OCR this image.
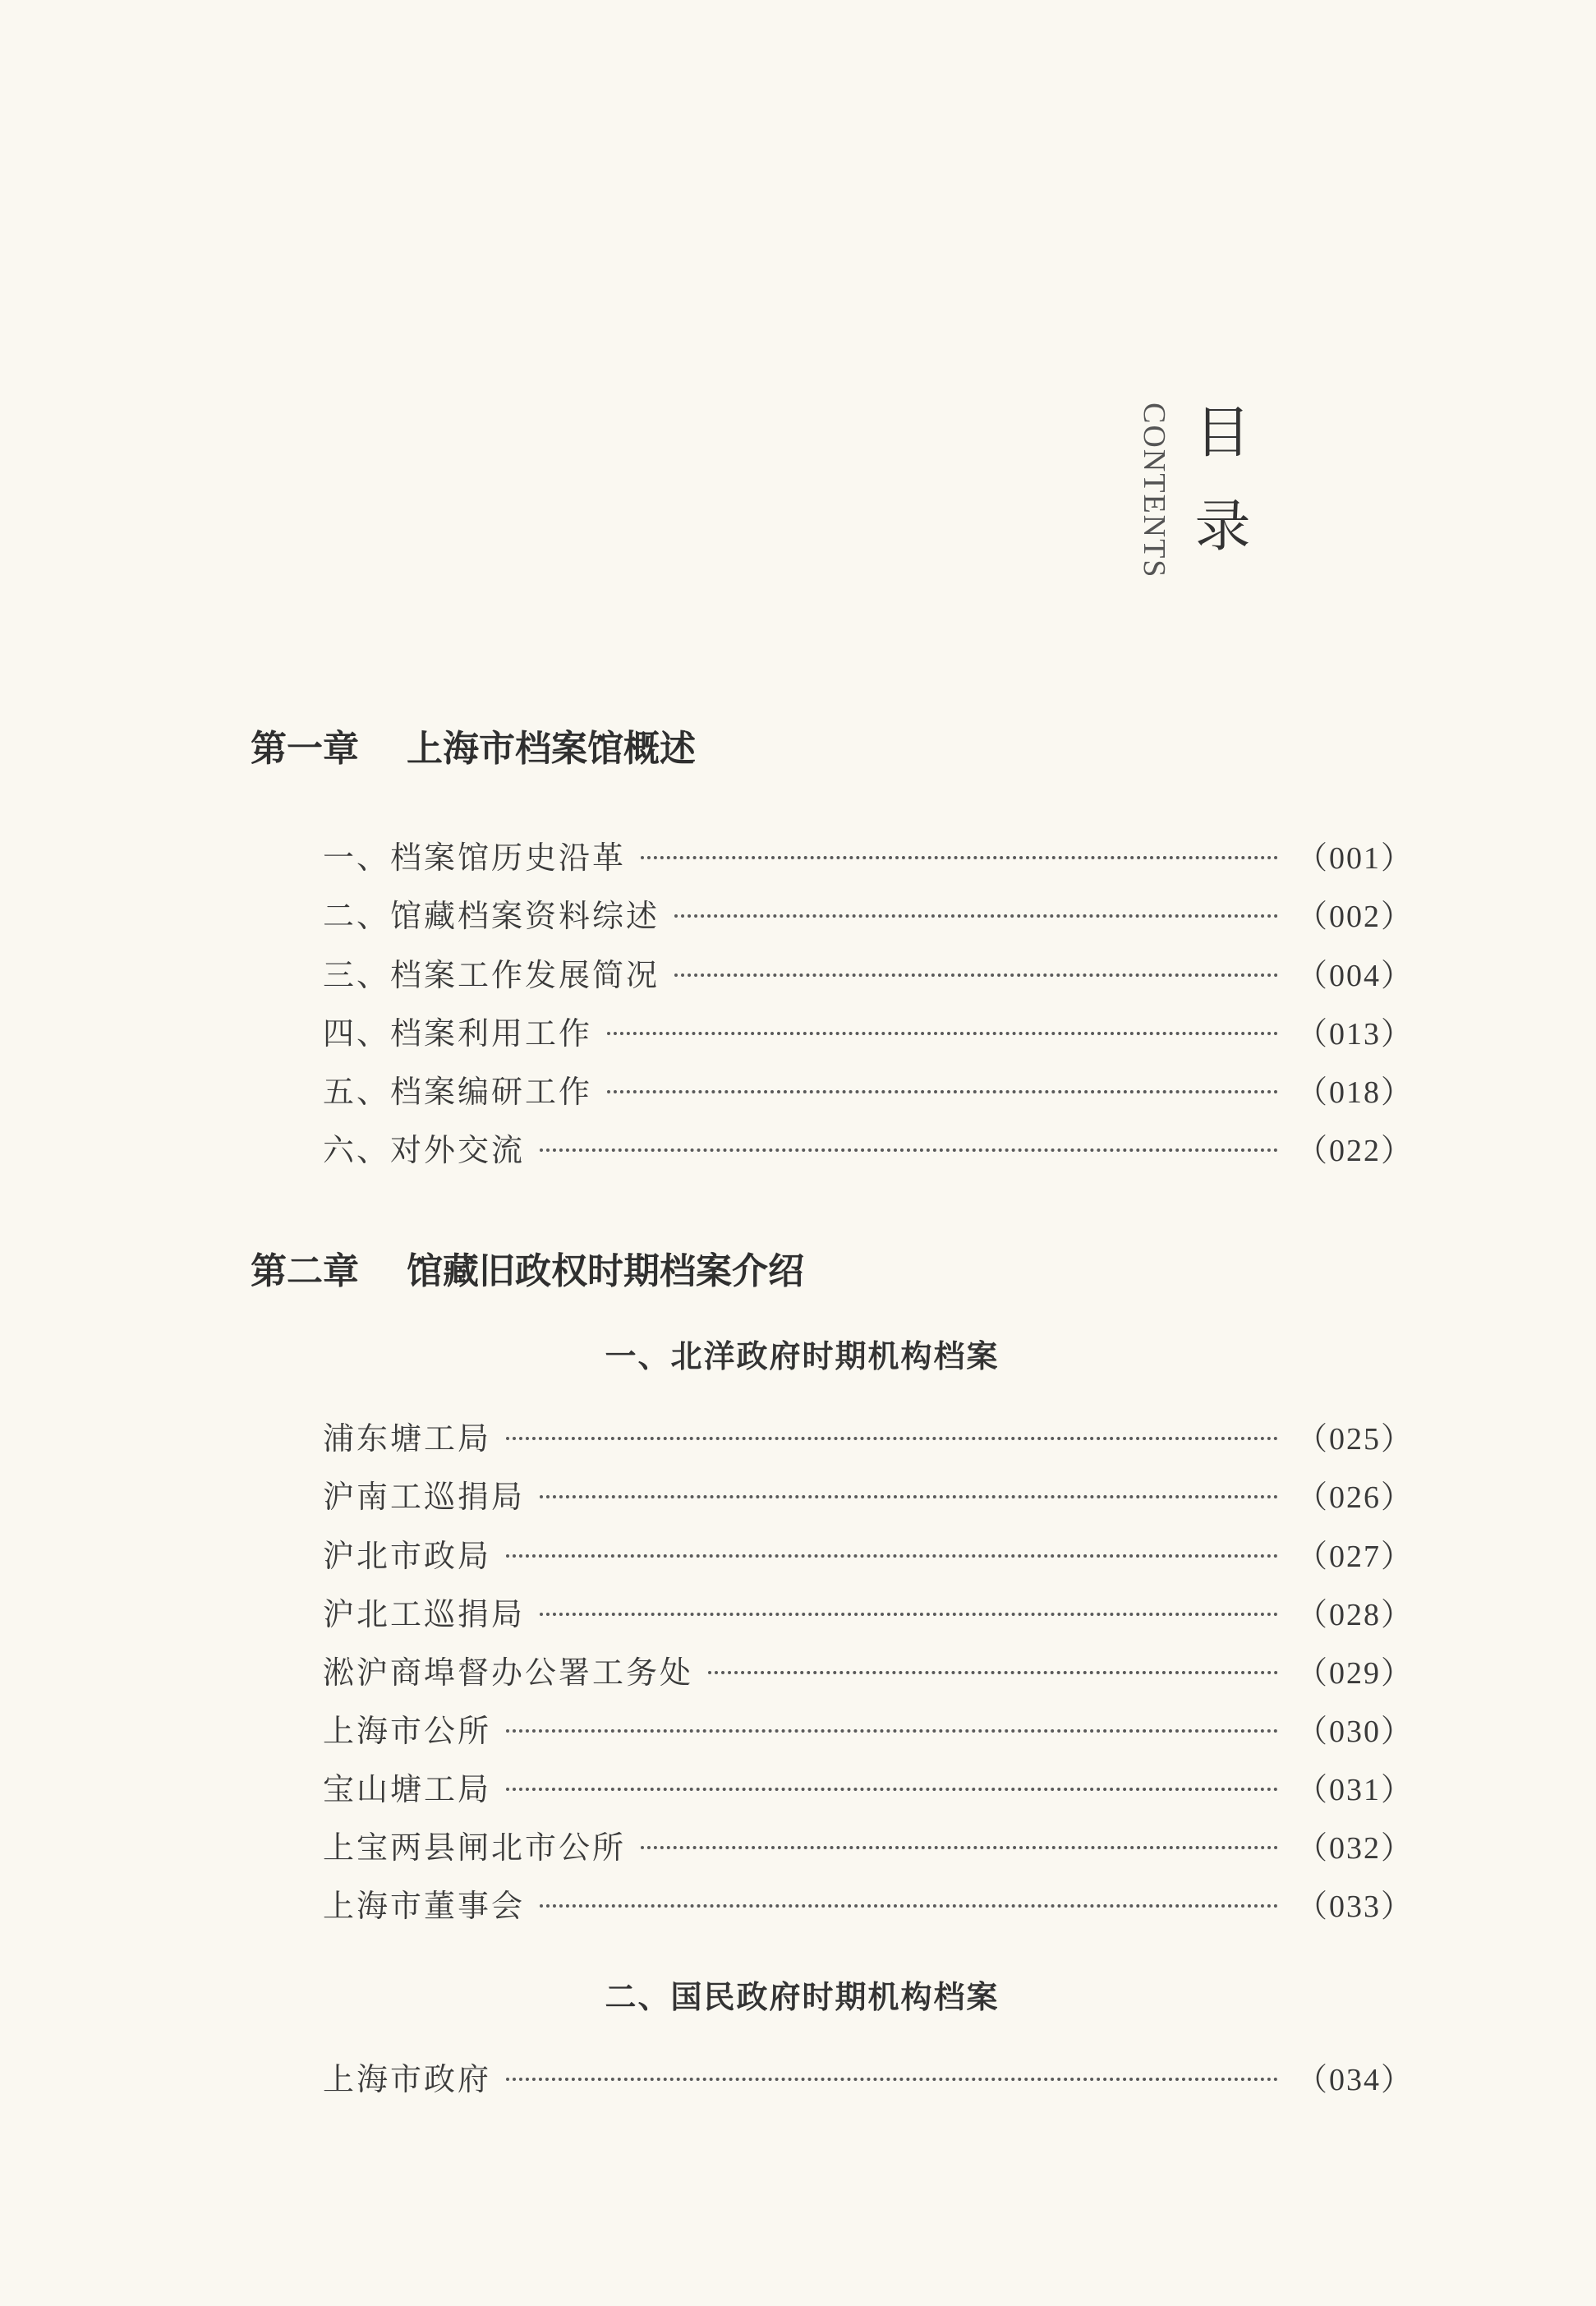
CONTENTS 目录
第一章 上海市档案馆概述
一、档案馆历史沿革	（001）
二、馆藏档案资料综述	（002）
三、档案工作发展简况	（004）
四、档案利用工作	（013）
五、档案编研工作	（018）
六、对外交流	（022）
第二章 馆藏旧政权时期档案介绍
一、北洋政府时期机构档案
浦东塘工局	（025）
沪南工巡捐局	（026）
沪北市政局	（027）
沪北工巡捐局	（028）
淞沪商埠督办公署工务处	（029）
上海市公所	（030）
宝山塘工局	（031）
上宝两县闸北市公所	（032）
上海市董事会	（033）
二、国民政府时期机构档案
上海市政府	（034）
